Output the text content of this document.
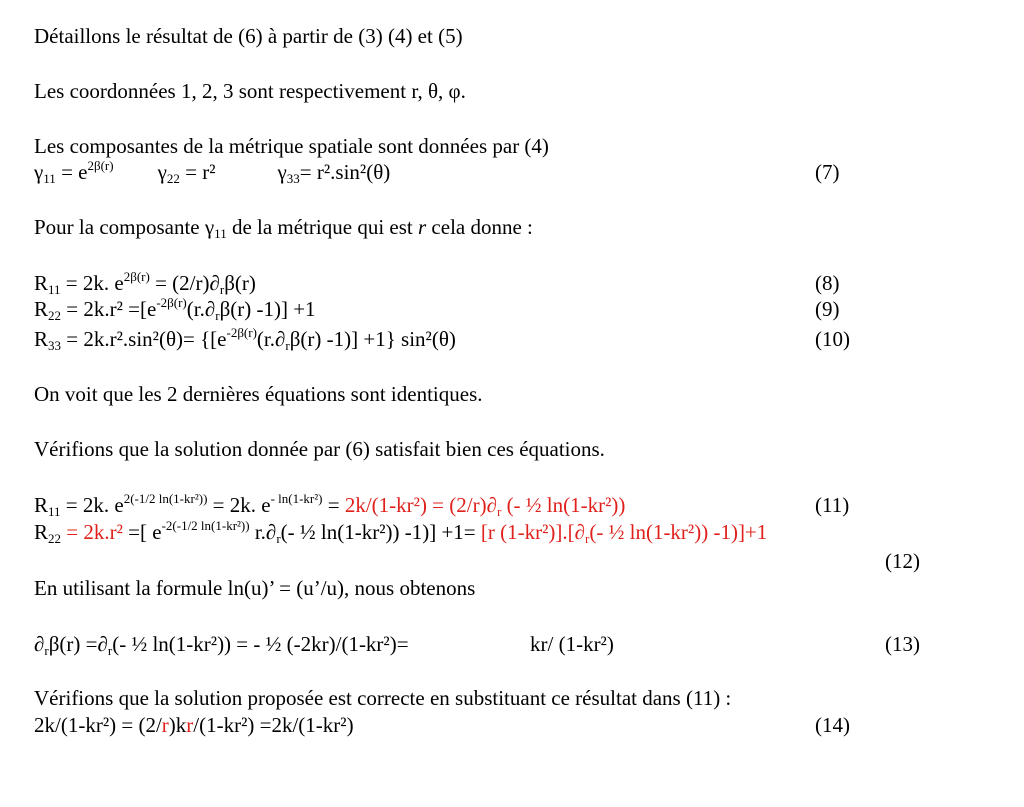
Détaillons le résultat de (6) à partir de (3) (4) et (5)
Les coordonnées 1, 2, 3 sont respectivement r, θ, φ.
Les composantes de la métrique spatiale sont données par (4)
$\gamma_{11} = e^{2\beta(r)}$ $\gamma_{22} = r^2$	$\gamma_{33}= r^2.\sin^2(\theta)$	(7)
Pour la composante $\gamma_{11}$ de la métrique qui est r cela donne :
$R_{11} = 2k$. $e^{2\beta(r)} = (2/r)\partial_r\beta(r)$	(8)
$R_{22} = 2k.r^2 =[e^{-2\beta(r)}(r.\partial_r\beta(r)$ -1)] +1	(9)
$R_{33} = 2k.r^2.\sin^2(\theta)= \{[e^{-2\beta(r)}(r.\partial_r\beta(r)$ -1)] +1} sin²(θ)	(10)
On voit que les 2 dernières équations sont identiques.
Vérifions que la solution donnée par (6) satisfait bien ces équations.
$R_{11} = 2k$. $e^{2(-1/2 ln(1-kr^2))} = 2k$. $e^{- ln(1-kr^2)} = 2k/(1-kr^2) = (2/r)\partial_r$ (- ½ ln(1-kr²))	(11)
$R_{22} = 2k.r^2$ =[ $e^{-2(-1/2 ln(1-kr^2))}$ $r.\partial_r(-$ ½ ln(1-kr²)) -1)] +1= [r $(1-kr^2)].[\partial_r(-$ ½ ln(1-kr²)) -1)]+1
(12)
En utilisant la formule ln(u)’ = (u’/u), nous obtenons
$\partial_r\beta(r) =\partial_r(-$ ½ ln(1-kr²)) = - ½ (-2kr)/(1-kr²)=	kr/ (1-kr²)	(13)
Vérifions que la solution proposée est correcte en substituant ce résultat dans (11) :
2k/(1-kr²) = (2/r)kr/(1-kr²) =2k/(1-kr²)	(14)
